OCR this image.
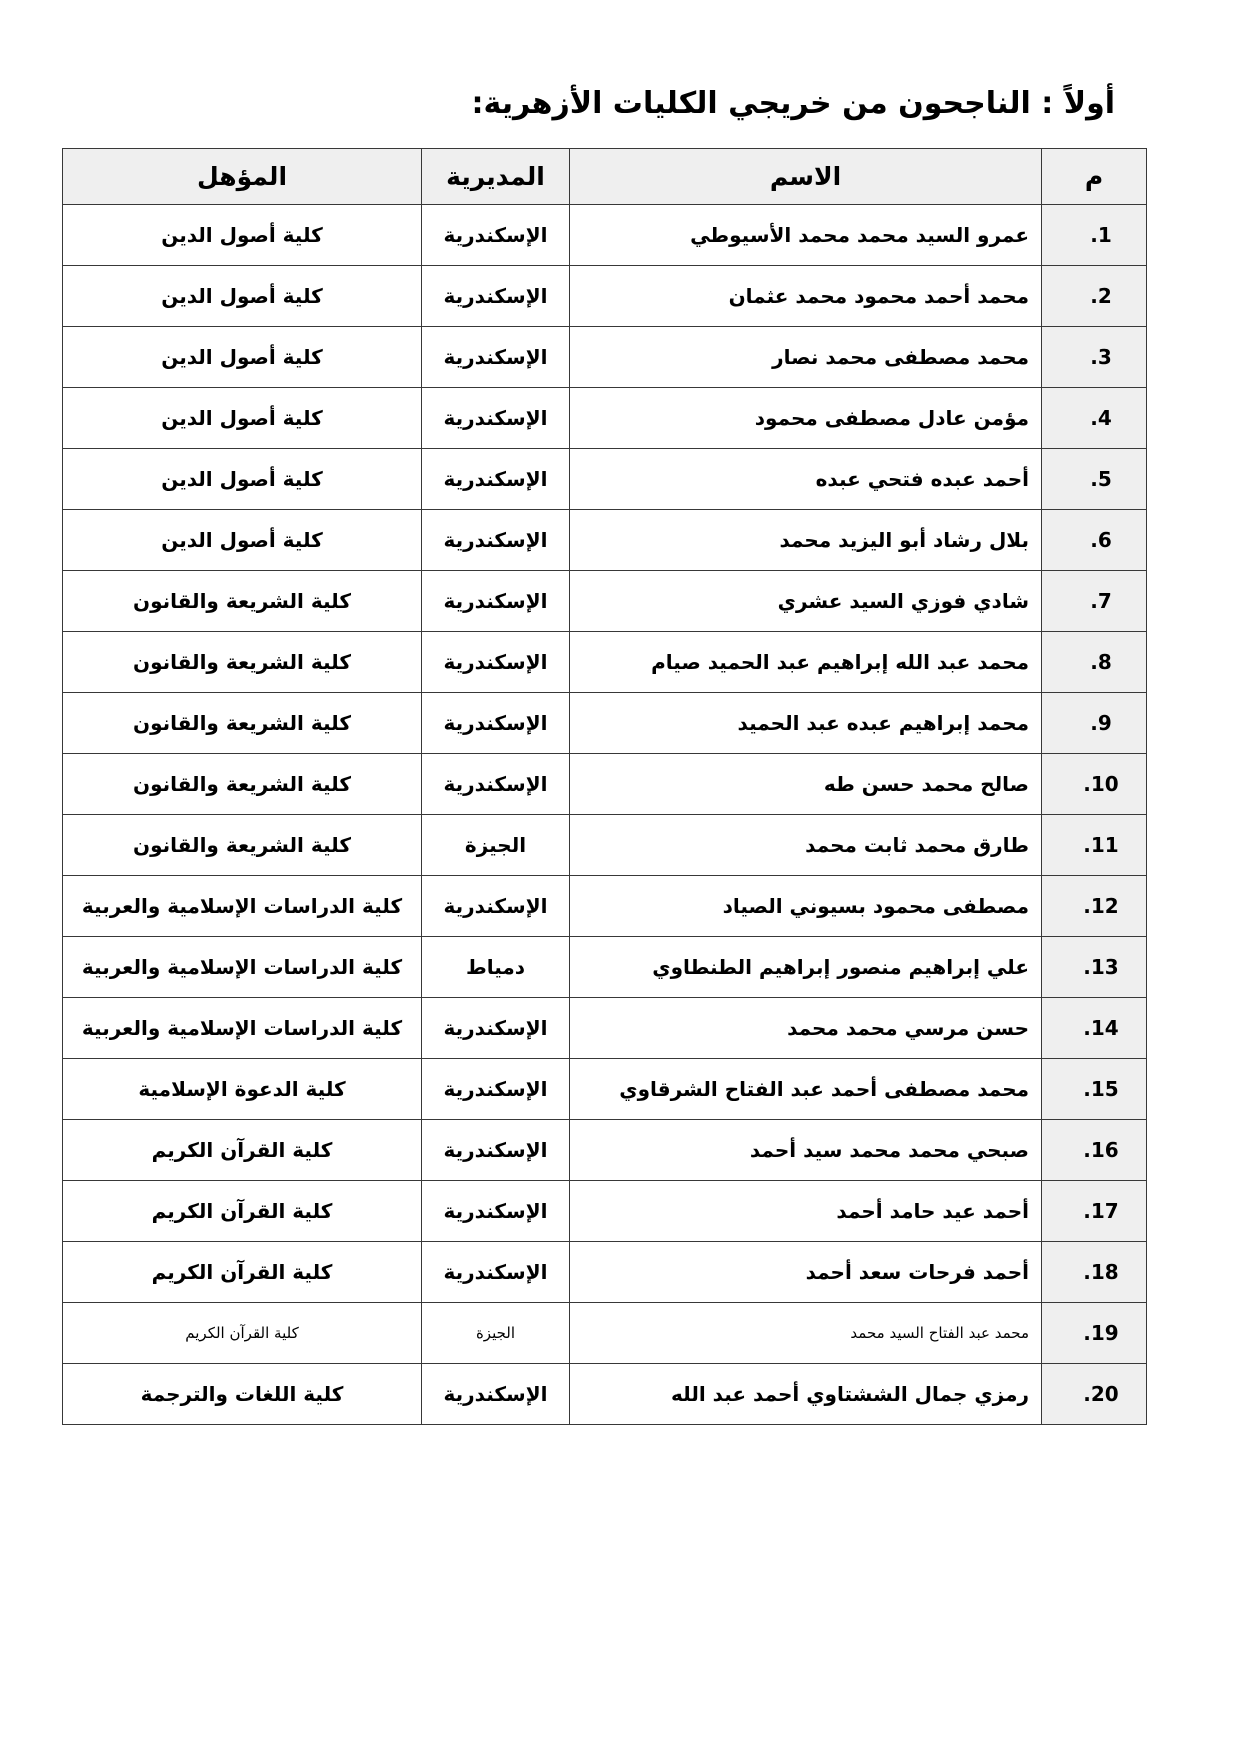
أولاً : الناجحون من خريجي الكليات الأزهرية:
م	الاسم	المديرية	المؤهل
1.	عمرو السيد محمد محمد الأسيوطي	الإسكندرية	كلية أصول الدين
2.	محمد أحمد محمود محمد عثمان	الإسكندرية	كلية أصول الدين
3.	محمد مصطفى محمد نصار	الإسكندرية	كلية أصول الدين
4.	مؤمن عادل مصطفى محمود	الإسكندرية	كلية أصول الدين
5.	أحمد عبده فتحي عبده	الإسكندرية	كلية أصول الدين
6.	بلال رشاد أبو اليزيد محمد	الإسكندرية	كلية أصول الدين
7.	شادي فوزي السيد عشري	الإسكندرية	كلية الشريعة والقانون
8.	محمد عبد الله إبراهيم عبد الحميد صيام	الإسكندرية	كلية الشريعة والقانون
9.	محمد إبراهيم عبده عبد الحميد	الإسكندرية	كلية الشريعة والقانون
10.	صالح محمد حسن طه	الإسكندرية	كلية الشريعة والقانون
11.	طارق محمد ثابت محمد	الجيزة	كلية الشريعة والقانون
12.	مصطفى محمود بسيوني الصياد	الإسكندرية	كلية الدراسات الإسلامية والعربية
13.	علي إبراهيم منصور إبراهيم الطنطاوي	دمياط	كلية الدراسات الإسلامية والعربية
14.	حسن مرسي محمد محمد	الإسكندرية	كلية الدراسات الإسلامية والعربية
15.	محمد مصطفى أحمد عبد الفتاح الشرقاوي	الإسكندرية	كلية الدعوة الإسلامية
16.	صبحي محمد محمد سيد أحمد	الإسكندرية	كلية القرآن الكريم
17.	أحمد عيد حامد أحمد	الإسكندرية	كلية القرآن الكريم
18.	أحمد فرحات سعد أحمد	الإسكندرية	كلية القرآن الكريم
19.	محمد عبد الفتاح السيد محمد	الجيزة	كلية القرآن الكريم
20.	رمزي جمال الششتاوي أحمد عبد الله	الإسكندرية	كلية اللغات والترجمة
